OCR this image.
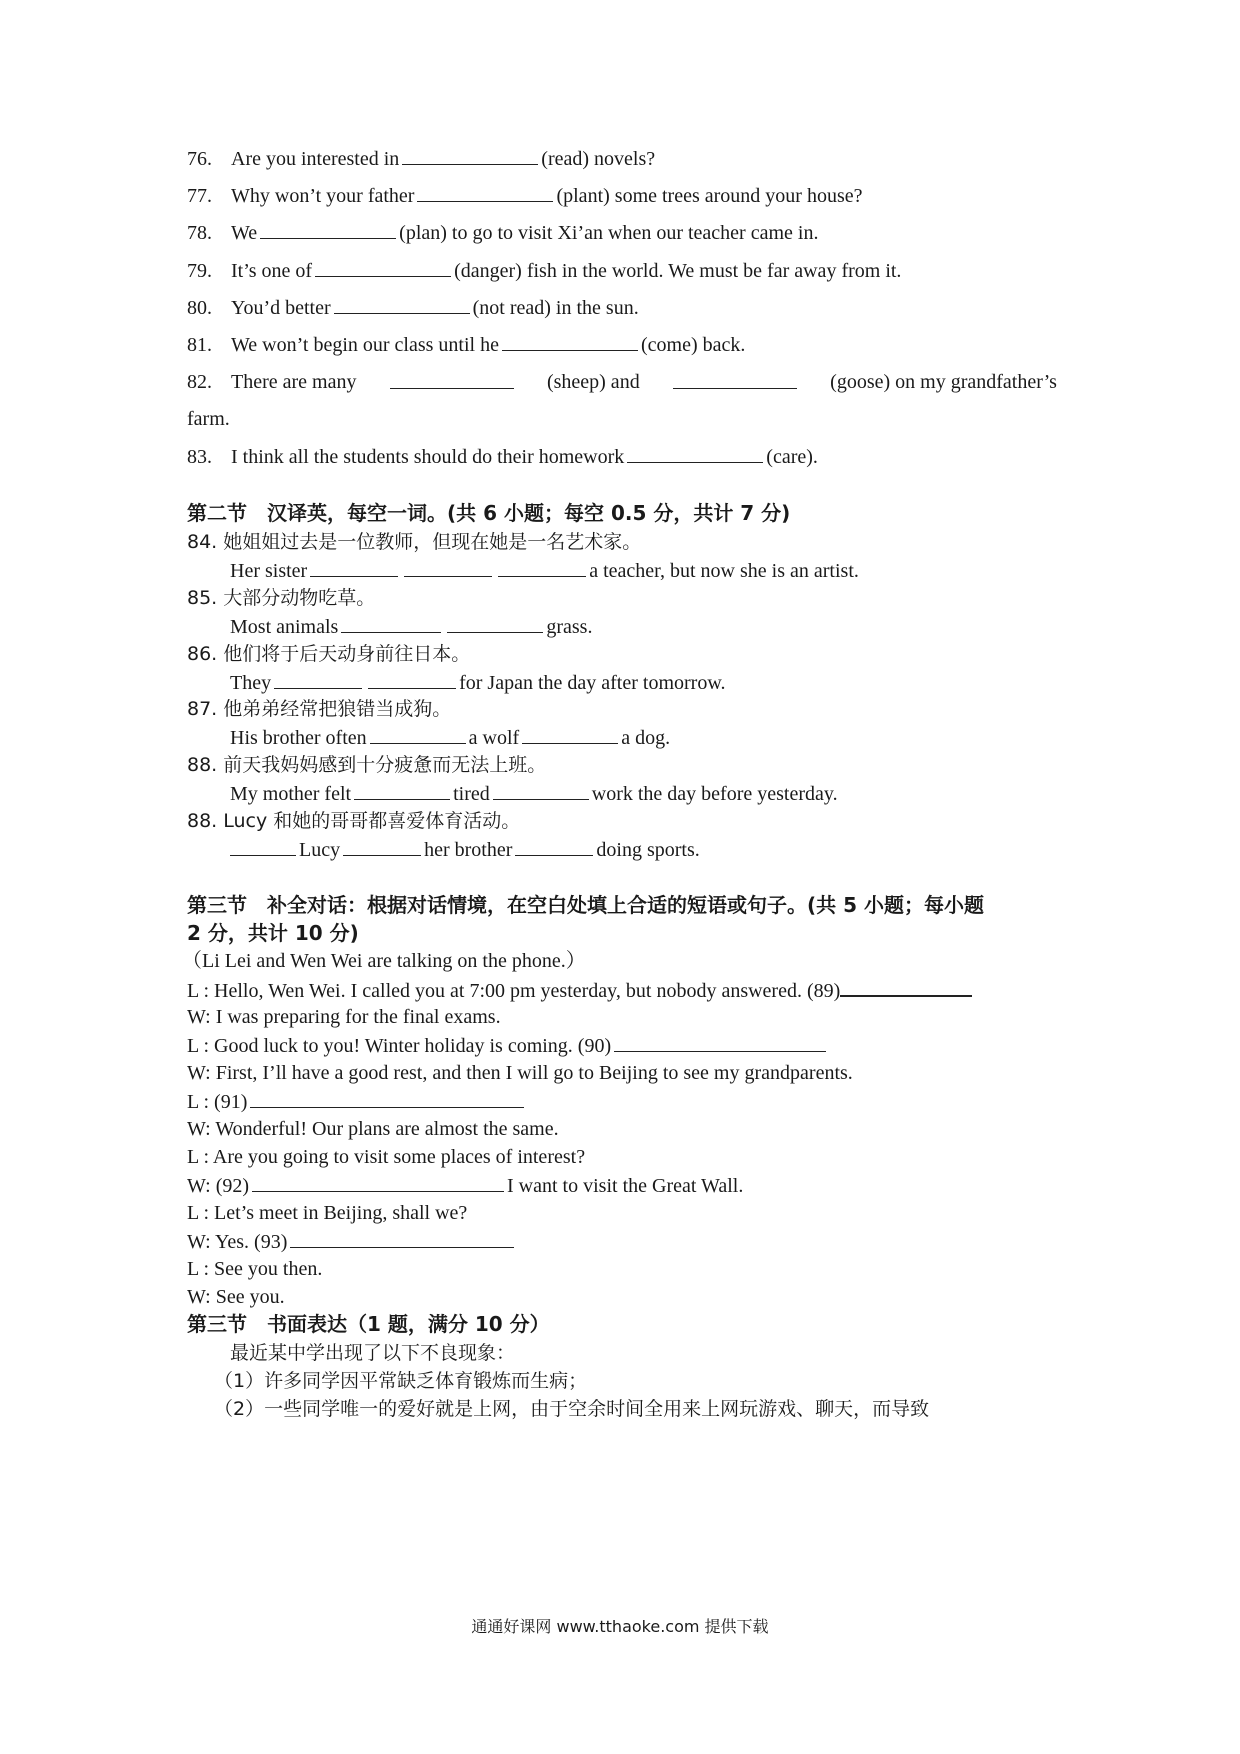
76. Are you interested in	(read) novels?
77. Why won’t your father	(plant) some trees around your house?
78. We	(plan) to go to visit Xi’an when our teacher came in.
79. It’s one of	(danger) fish in the world. We must be far away from it.
80. You’d better	(not read) in the sun.
81. We won’t begin our class until he	(come) back.
82. There are many	(sheep) and	(goose) on my grandfather’s
farm.
83. I think all the students should do their homework	(care).
第二节　汉译英，每空一词。(共 6 小题；每空 0.5 分，共计 7 分)
84. 她姐姐过去是一位教师，但现在她是一名艺术家。
Her sister	a teacher, but now she is an artist.
85. 大部分动物吃草。
Most animals	grass.
86. 他们将于后天动身前往日本。
They	for Japan the day after tomorrow.
87. 他弟弟经常把狼错当成狗。
His brother often	a wolf	a dog.
88. 前天我妈妈感到十分疲惫而无法上班。
My mother felt	tired	work the day before yesterday.
88. Lucy 和她的哥哥都喜爱体育活动。
Lucy	her brother	doing sports.
第三节　补全对话：根据对话情境，在空白处填上合适的短语或句子。(共 5 小题；每小题
2 分，共计 10 分)
（Li Lei and Wen Wei are talking on the phone.）
L : Hello, Wen Wei. I called you at 7:00 pm yesterday, but nobody answered. (89)
W: I was preparing for the final exams.
L : Good luck to you! Winter holiday is coming. (90)
W: First, I’ll have a good rest, and then I will go to Beijing to see my grandparents.
L : (91)
W: Wonderful! Our plans are almost the same.
L : Are you going to visit some places of interest?
W: (92)	I want to visit the Great Wall.
L : Let’s meet in Beijing, shall we?
W: Yes. (93)
L : See you then.
W: See you.
第三节　书面表达（1 题，满分 10 分）
最近某中学出现了以下不良现象：
（1）许多同学因平常缺乏体育锻炼而生病；
（2）一些同学唯一的爱好就是上网，由于空余时间全用来上网玩游戏、聊天，而导致
通通好课网 www.tthaoke.com 提供下载
